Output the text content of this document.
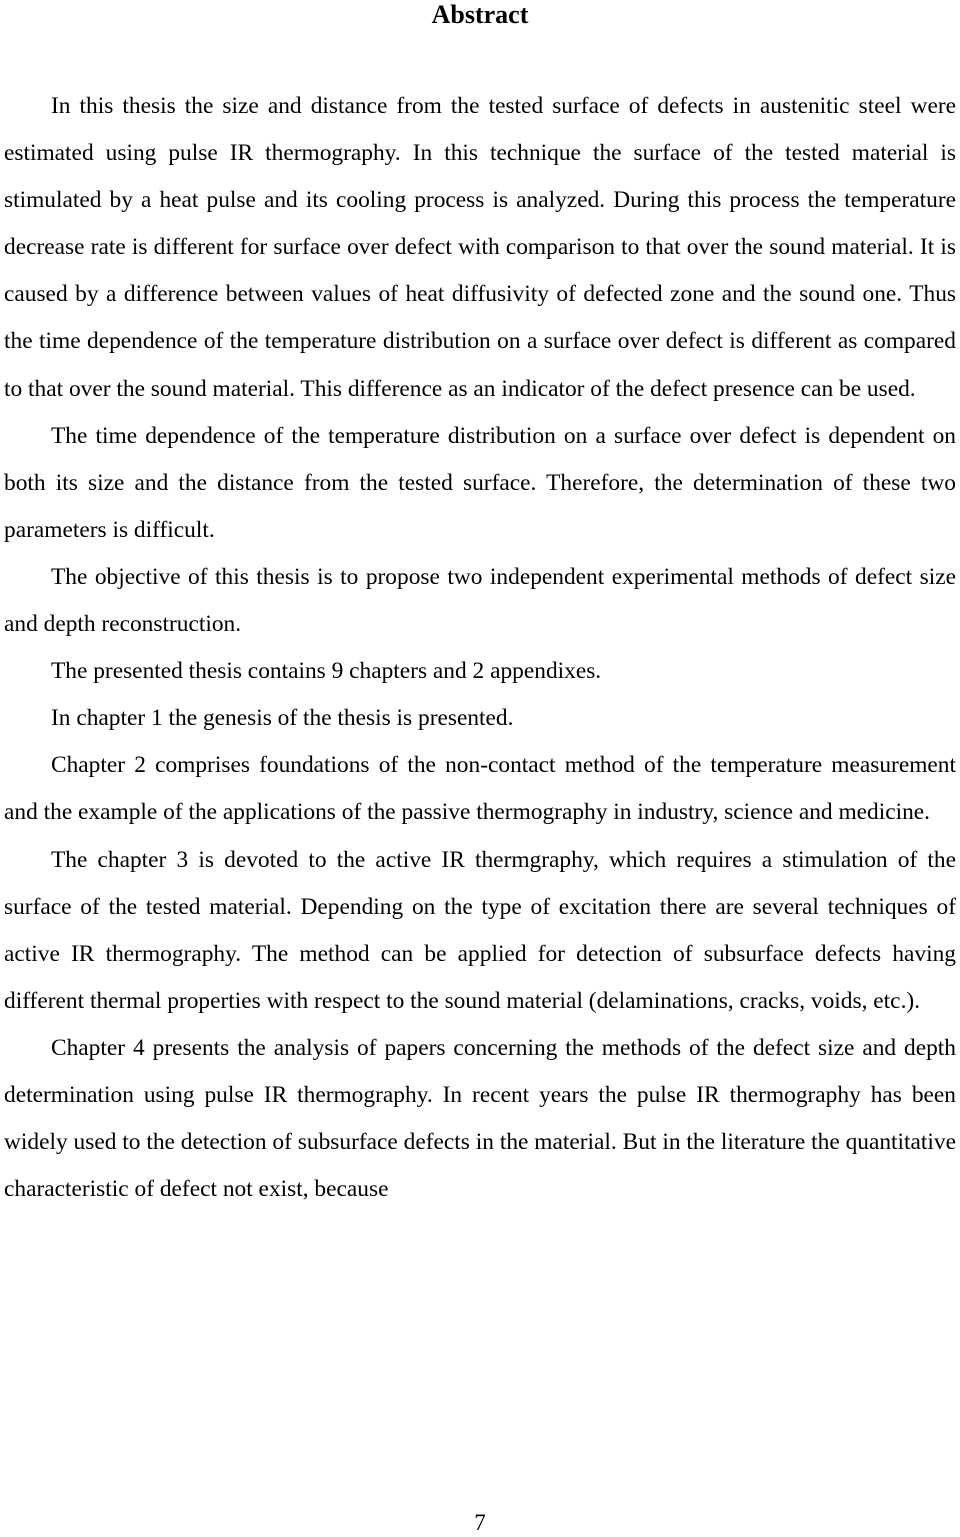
Abstract

In this thesis the size and distance from the tested surface of defects in austenitic steel were estimated using pulse IR thermography. In this technique the surface of the tested material is stimulated by a heat pulse and its cooling process is analyzed. During this process the temperature decrease rate is different for surface over defect with comparison to that over the sound material. It is caused by a difference between values of heat diffusivity of defected zone and the sound one. Thus the time dependence of the temperature distribution on a surface over defect is different as compared to that over the sound material. This difference as an indicator of the defect presence can be used.

The time dependence of the temperature distribution on a surface over defect is dependent on both its size and the distance from the tested surface. Therefore, the determination of these two parameters is difficult.

The objective of this thesis is to propose two independent experimental methods of defect size and depth reconstruction.

The presented thesis contains 9 chapters and 2 appendixes.

In chapter 1 the genesis of the thesis is presented.

Chapter 2 comprises foundations of the non-contact method of the temperature measurement and the example of the applications of the passive thermography in industry, science and medicine.

The chapter 3 is devoted to the active IR thermgraphy, which requires a stimulation of the surface of the tested material. Depending on the type of excitation there are several techniques of active IR thermography. The method can be applied for detection of subsurface defects having different thermal properties with respect to the sound material (delaminations, cracks, voids, etc.).

Chapter 4 presents the analysis of papers concerning the methods of the defect size and depth determination using pulse IR thermography. In recent years the pulse IR thermography has been widely used to the detection of subsurface defects in the material. But in the literature the quantitative characteristic of defect not exist, because

7
